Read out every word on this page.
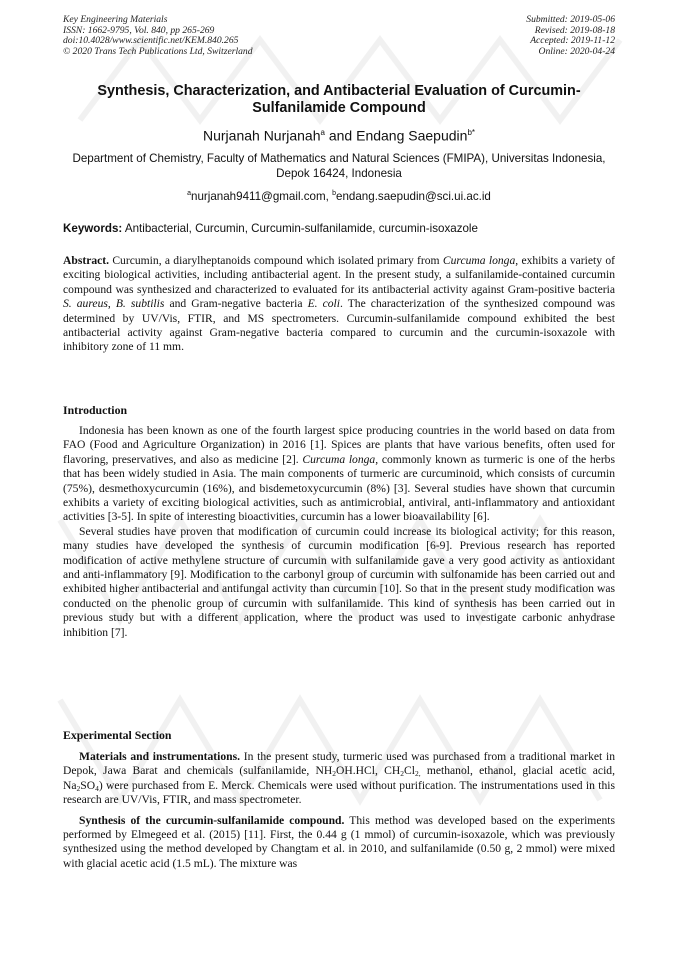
Key Engineering Materials
ISSN: 1662-9795, Vol. 840, pp 265-269
doi:10.4028/www.scientific.net/KEM.840.265
© 2020 Trans Tech Publications Ltd, Switzerland
Submitted: 2019-05-06
Revised: 2019-08-18
Accepted: 2019-11-12
Online: 2020-04-24
Synthesis, Characterization, and Antibacterial Evaluation of Curcumin-
Sulfanilamide Compound
Nurjanah Nurjanah$^a$ and Endang Saepudin$^{b*}$
Department of Chemistry, Faculty of Mathematics and Natural Sciences (FMIPA), Universitas Indonesia, Depok 16424, Indonesia
$^a$nurjanah9411@gmail.com, $^b$endang.saepudin@sci.ui.ac.id
Keywords: Antibacterial, Curcumin, Curcumin-sulfanilamide, curcumin-isoxazole

Abstract. Curcumin, a diarylheptanoids compound which isolated primary from Curcuma longa, exhibits a variety of exciting biological activities, including antibacterial agent. In the present study, a sulfanilamide-contained curcumin compound was synthesized and characterized to evaluated for its antibacterial activity against Gram-positive bacteria S. aureus, B. subtilis and Gram-negative bacteria E. coli. The characterization of the synthesized compound was determined by UV/Vis, FTIR, and MS spectrometers. Curcumin-sulfanilamide compound exhibited the best antibacterial activity against Gram-negative bacteria compared to curcumin and the curcumin-isoxazole with inhibitory zone of 11 mm.

Introduction

Indonesia has been known as one of the fourth largest spice producing countries in the world based on data from FAO (Food and Agriculture Organization) in 2016 [1]. Spices are plants that have various benefits, often used for flavoring, preservatives, and also as medicine [2]. Curcuma longa, commonly known as turmeric is one of the herbs that has been widely studied in Asia. The main components of turmeric are curcuminoid, which consists of curcumin (75%), desmethoxycurcumin (16%), and bisdemetoxycurcumin (8%) [3]. Several studies have shown that curcumin exhibits a variety of exciting biological activities, such as antimicrobial, antiviral, anti-inflammatory and antioxidant activities [3-5]. In spite of interesting bioactivities, curcumin has a lower bioavailability [6].

Several studies have proven that modification of curcumin could increase its biological activity; for this reason, many studies have developed the synthesis of curcumin modification [6-9]. Previous research has reported modification of active methylene structure of curcumin with sulfanilamide gave a very good activity as antioxidant and anti-inflammatory [9]. Modification to the carbonyl group of curcumin with sulfonamide has been carried out and exhibited higher antibacterial and antifungal activity than curcumin [10]. So that in the present study modification was conducted on the phenolic group of curcumin with sulfanilamide. This kind of synthesis has been carried out in previous study but with a different application, where the product was used to investigate carbonic anhydrase inhibition [7].

Experimental Section

Materials and instrumentations. In the present study, turmeric used was purchased from a traditional market in Depok, Jawa Barat and chemicals (sulfanilamide, $NH_2OH.HCl$, $CH_2Cl_{2,}$ methanol, ethanol, glacial acetic acid, $Na_2SO_4$) were purchased from E. Merck. Chemicals were used without purification. The instrumentations used in this research are UV/Vis, FTIR, and mass spectrometer.

Synthesis of the curcumin-sulfanilamide compound. This method was developed based on the experiments performed by Elmegeed et al. (2015) [11]. First, the 0.44 g (1 mmol) of curcumin-isoxazole, which was previously synthesized using the method developed by Changtam et al. in 2010, and sulfanilamide (0.50 g, 2 mmol) were mixed with glacial acetic acid (1.5 mL). The mixture was
